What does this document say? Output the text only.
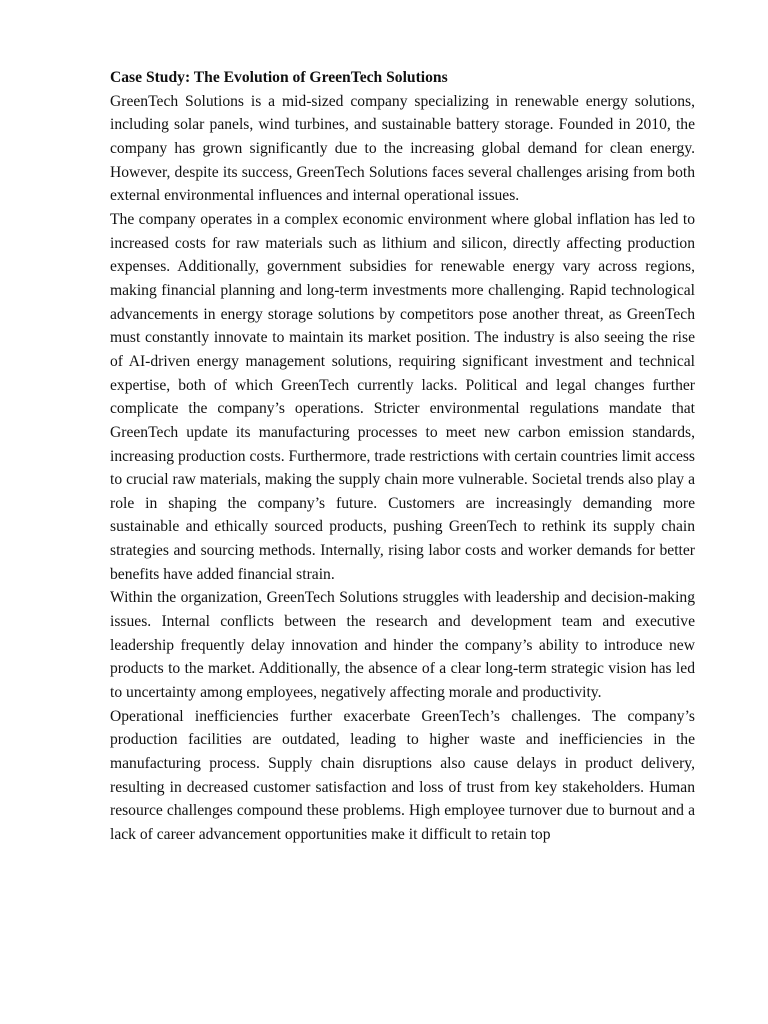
Case Study: The Evolution of GreenTech Solutions

GreenTech Solutions is a mid-sized company specializing in renewable energy solutions, including solar panels, wind turbines, and sustainable battery storage. Founded in 2010, the company has grown significantly due to the increasing global demand for clean energy. However, despite its success, GreenTech Solutions faces several challenges arising from both external environmental influences and internal operational issues.

The company operates in a complex economic environment where global inflation has led to increased costs for raw materials such as lithium and silicon, directly affecting production expenses. Additionally, government subsidies for renewable energy vary across regions, making financial planning and long-term investments more challenging. Rapid technological advancements in energy storage solutions by competitors pose another threat, as GreenTech must constantly innovate to maintain its market position. The industry is also seeing the rise of AI-driven energy management solutions, requiring significant investment and technical expertise, both of which GreenTech currently lacks. Political and legal changes further complicate the company’s operations. Stricter environmental regulations mandate that GreenTech update its manufacturing processes to meet new carbon emission standards, increasing production costs. Furthermore, trade restrictions with certain countries limit access to crucial raw materials, making the supply chain more vulnerable. Societal trends also play a role in shaping the company’s future. Customers are increasingly demanding more sustainable and ethically sourced products, pushing GreenTech to rethink its supply chain strategies and sourcing methods. Internally, rising labor costs and worker demands for better benefits have added financial strain.

Within the organization, GreenTech Solutions struggles with leadership and decision-making issues. Internal conflicts between the research and development team and executive leadership frequently delay innovation and hinder the company’s ability to introduce new products to the market. Additionally, the absence of a clear long-term strategic vision has led to uncertainty among employees, negatively affecting morale and productivity.

Operational inefficiencies further exacerbate GreenTech’s challenges. The company’s production facilities are outdated, leading to higher waste and inefficiencies in the manufacturing process. Supply chain disruptions also cause delays in product delivery, resulting in decreased customer satisfaction and loss of trust from key stakeholders. Human resource challenges compound these problems. High employee turnover due to burnout and a lack of career advancement opportunities make it difficult to retain top
